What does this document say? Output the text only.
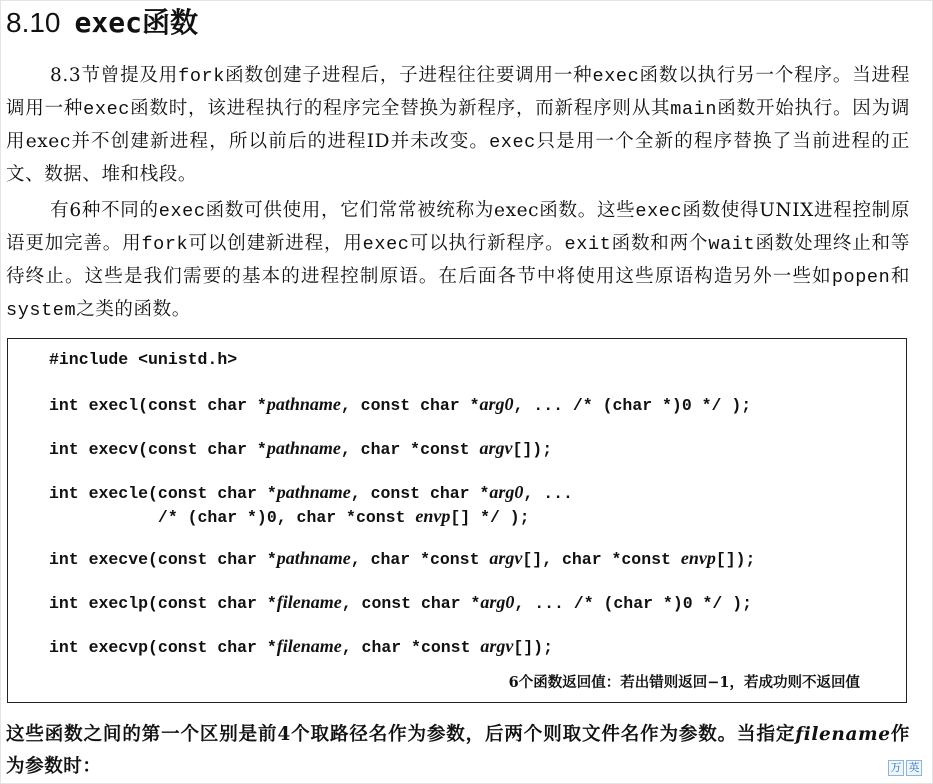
8.10 exec函数

8.3节曾提及用fork函数创建子进程后，子进程往往要调用一种exec函数以执行另一个程序。当进程调用一种exec函数时，该进程执行的程序完全替换为新程序，而新程序则从其main函数开始执行。因为调用exec并不创建新进程，所以前后的进程ID并未改变。exec只是用一个全新的程序替换了当前进程的正文、数据、堆和栈段。

有6种不同的exec函数可供使用，它们常常被统称为exec函数。这些exec函数使得UNIX进程控制原语更加完善。用fork可以创建新进程，用exec可以执行新程序。exit函数和两个wait函数处理终止和等待终止。这些是我们需要的基本的进程控制原语。在后面各节中将使用这些原语构造另外一些如popen和system之类的函数。

#include <unistd.h>
int execl(const char *pathname, const char *arg0, ... /* (char *)0 */ );
int execv(const char *pathname, char *const argv[]);
int execle(const char *pathname, const char *arg0, ...
/* (char *)0, char *const envp[] */ );
int execve(const char *pathname, char *const argv[], char *const envp[]);
int execlp(const char *filename, const char *arg0, ... /* (char *)0 */ );
int execvp(const char *filename, char *const argv[]);
6个函数返回值：若出错则返回−1，若成功则不返回值

这些函数之间的第一个区别是前4个取路径名作为参数，后两个则取文件名作为参数。当指定filename作为参数时：	万 英
